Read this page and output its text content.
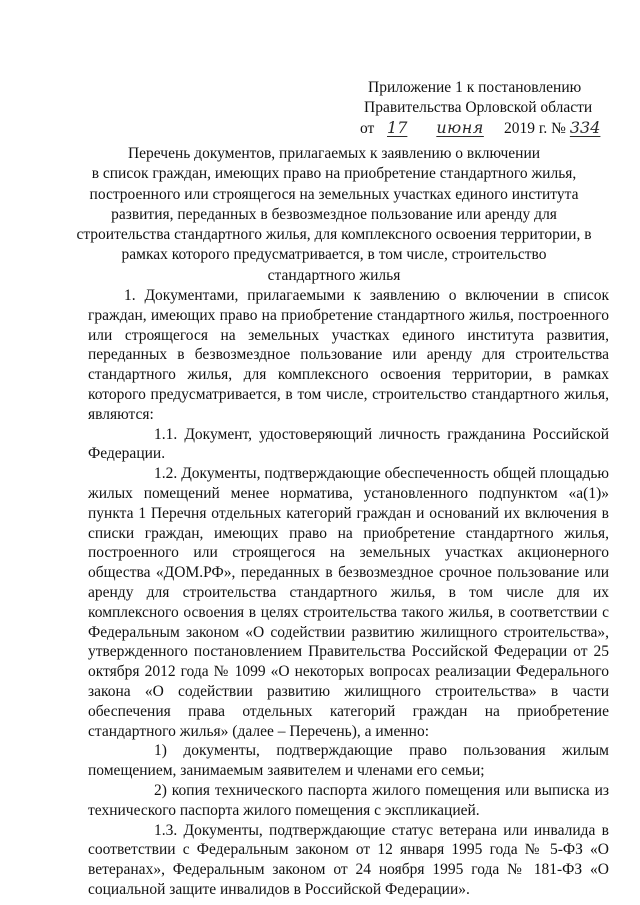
Приложение 1 к постановлению
Правительства Орловской области
от 17 июня 2019 г. № 334
Перечень документов, прилагаемых к заявлению о включении
в список граждан, имеющих право на приобретение стандартного жилья,
построенного или строящегося на земельных участках единого института
развития, переданных в безвозмездное пользование или аренду для
строительства стандартного жилья, для комплексного освоения территории, в
рамках которого предусматривается, в том числе, строительство
стандартного жилья

1. Документами, прилагаемыми к заявлению о включении в список граждан, имеющих право на приобретение стандартного жилья, построенного или строящегося на земельных участках единого института развития, переданных в безвозмездное пользование или аренду для строительства стандартного жилья, для комплексного освоения территории, в рамках которого предусматривается, в том числе, строительство стандартного жилья, являются:

1.1. Документ, удостоверяющий личность гражданина Российской Федерации.

1.2. Документы, подтверждающие обеспеченность общей площадью жилых помещений менее норматива, установленного подпунктом «а(1)» пункта 1 Перечня отдельных категорий граждан и оснований их включения в списки граждан, имеющих право на приобретение стандартного жилья, построенного или строящегося на земельных участках акционерного общества «ДОМ.РФ», переданных в безвозмездное срочное пользование или аренду для строительства стандартного жилья, в том числе для их комплексного освоения в целях строительства такого жилья, в соответствии с Федеральным законом «О содействии развитию жилищного строительства», утвержденного постановлением Правительства Российской Федерации от 25 октября 2012 года № 1099 «О некоторых вопросах реализации Федерального закона «О содействии развитию жилищного строительства» в части обеспечения права отдельных категорий граждан на приобретение стандартного жилья» (далее – Перечень), а именно:

1) документы, подтверждающие право пользования жилым помещением, занимаемым заявителем и членами его семьи;

2) копия технического паспорта жилого помещения или выписка из технического паспорта жилого помещения с экспликацией.

1.3. Документы, подтверждающие статус ветерана или инвалида в соответствии с Федеральным законом от 12 января 1995 года № 5-ФЗ «О ветеранах», Федеральным законом от 24 ноября 1995 года № 181-ФЗ «О социальной защите инвалидов в Российской Федерации».
